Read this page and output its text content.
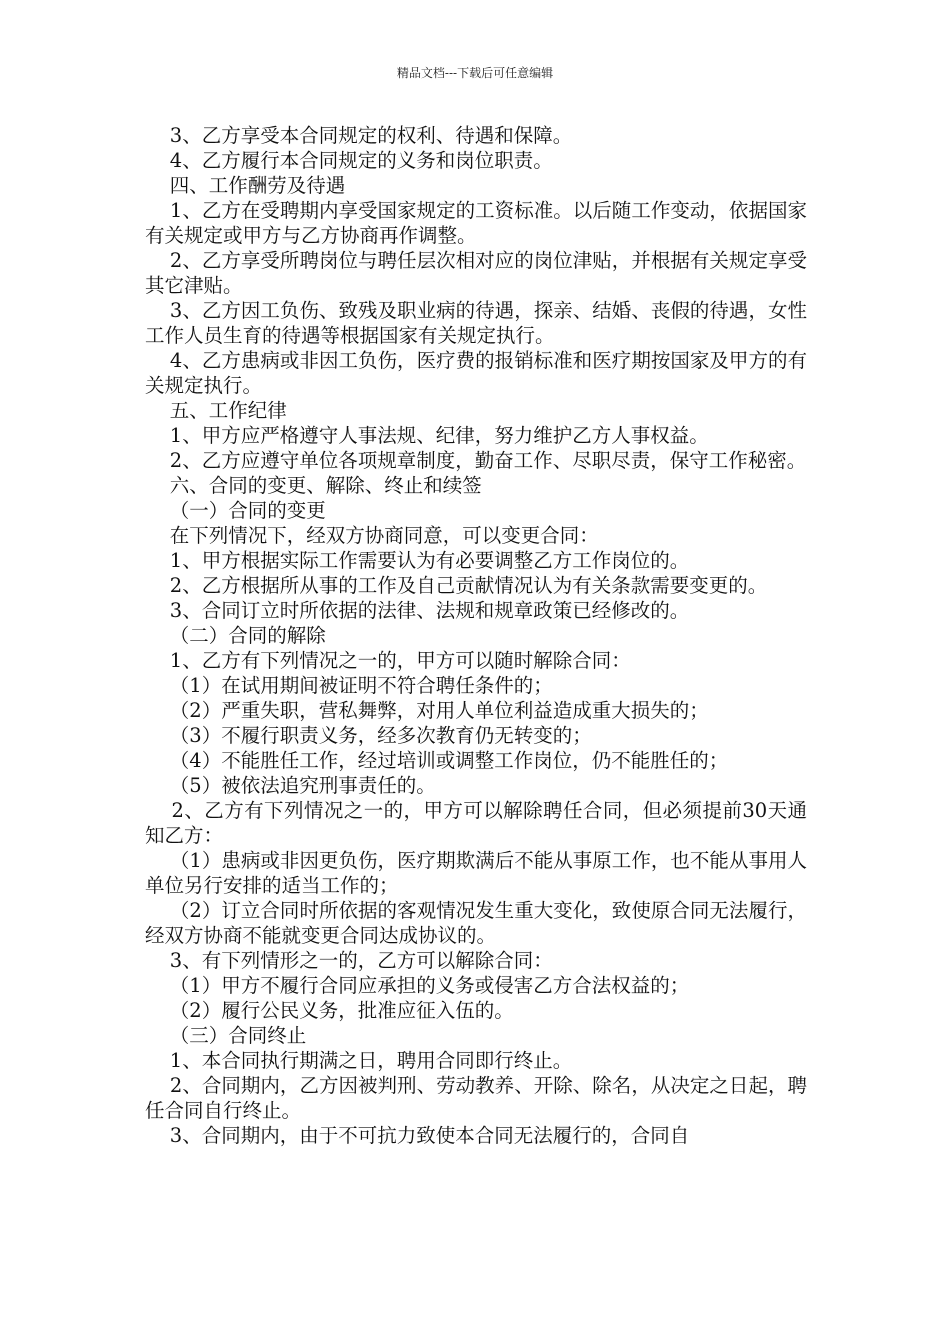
精品文档---下载后可任意编辑

3、乙方享受本合同规定的权利、待遇和保障。

4、乙方履行本合同规定的义务和岗位职责。

四、工作酬劳及待遇

1、乙方在受聘期内享受国家规定的工资标准。以后随工作变动，依据国家有关规定或甲方与乙方协商再作调整。

2、乙方享受所聘岗位与聘任层次相对应的岗位津贴，并根据有关规定享受其它津贴。

3、乙方因工负伤、致残及职业病的待遇，探亲、结婚、丧假的待遇，女性工作人员生育的待遇等根据国家有关规定执行。

4、乙方患病或非因工负伤，医疗费的报销标准和医疗期按国家及甲方的有关规定执行。

五、工作纪律

1、甲方应严格遵守人事法规、纪律，努力维护乙方人事权益。

2、乙方应遵守单位各项规章制度，勤奋工作、尽职尽责，保守工作秘密。

六、合同的变更、解除、终止和续签

（一）合同的变更

在下列情况下，经双方协商同意，可以变更合同：

1、甲方根据实际工作需要认为有必要调整乙方工作岗位的。

2、乙方根据所从事的工作及自己贡献情况认为有关条款需要变更的。

3、合同订立时所依据的法律、法规和规章政策已经修改的。

（二）合同的解除

1、乙方有下列情况之一的，甲方可以随时解除合同：

（1）在试用期间被证明不符合聘任条件的；

（2）严重失职，营私舞弊，对用人单位利益造成重大损失的；

（3）不履行职责义务，经多次教育仍无转变的；

（4）不能胜任工作，经过培训或调整工作岗位，仍不能胜任的；

（5）被依法追究刑事责任的。

2、乙方有下列情况之一的，甲方可以解除聘任合同，但必须提前30天通知乙方：

（1）患病或非因更负伤，医疗期欺满后不能从事原工作，也不能从事用人单位另行安排的适当工作的；

（2）订立合同时所依据的客观情况发生重大变化，致使原合同无法履行，经双方协商不能就变更合同达成协议的。

3、有下列情形之一的，乙方可以解除合同：

（1）甲方不履行合同应承担的义务或侵害乙方合法权益的；

（2）履行公民义务，批准应征入伍的。

（三）合同终止

1、本合同执行期满之日，聘用合同即行终止。

2、合同期内，乙方因被判刑、劳动教养、开除、除名，从决定之日起，聘任合同自行终止。

3、合同期内，由于不可抗力致使本合同无法履行的，合同自
